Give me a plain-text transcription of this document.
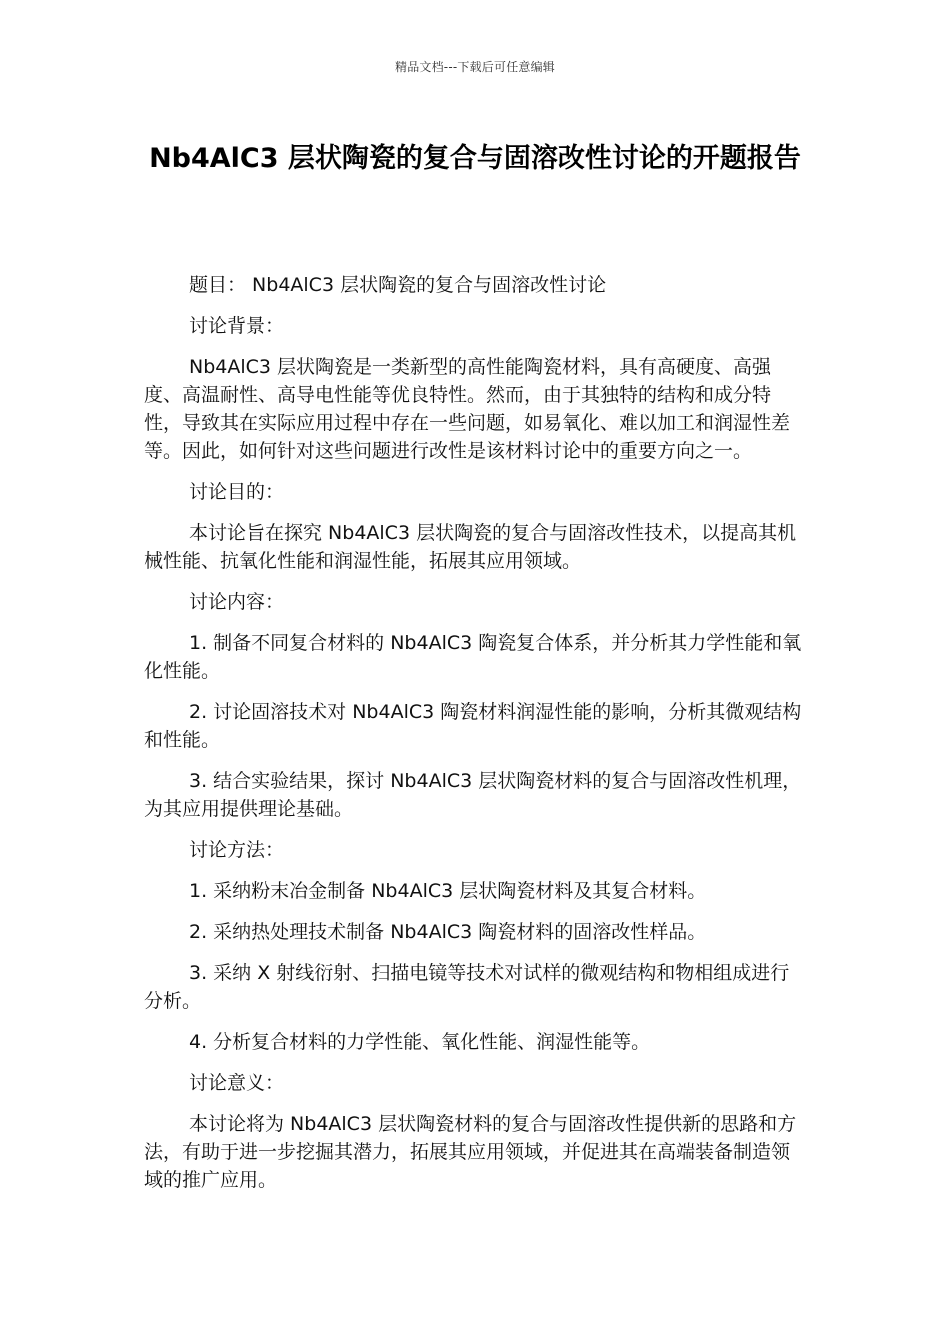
精品文档---下载后可任意编辑
Nb4AlC3 层状陶瓷的复合与固溶改性讨论的开题报告

题目： Nb4AlC3 层状陶瓷的复合与固溶改性讨论

讨论背景：

Nb4AlC3 层状陶瓷是一类新型的高性能陶瓷材料，具有高硬度、高强度、高温耐性、高导电性能等优良特性。然而，由于其独特的结构和成分特性，导致其在实际应用过程中存在一些问题，如易氧化、难以加工和润湿性差等。因此，如何针对这些问题进行改性是该材料讨论中的重要方向之一。

讨论目的：

本讨论旨在探究 Nb4AlC3 层状陶瓷的复合与固溶改性技术，以提高其机械性能、抗氧化性能和润湿性能，拓展其应用领域。

讨论内容：

1. 制备不同复合材料的 Nb4AlC3 陶瓷复合体系，并分析其力学性能和氧化性能。

2. 讨论固溶技术对 Nb4AlC3 陶瓷材料润湿性能的影响，分析其微观结构和性能。

3. 结合实验结果，探讨 Nb4AlC3 层状陶瓷材料的复合与固溶改性机理，为其应用提供理论基础。

讨论方法：

1. 采纳粉末冶金制备 Nb4AlC3 层状陶瓷材料及其复合材料。

2. 采纳热处理技术制备 Nb4AlC3 陶瓷材料的固溶改性样品。

3. 采纳 X 射线衍射、扫描电镜等技术对试样的微观结构和物相组成进行分析。

4. 分析复合材料的力学性能、氧化性能、润湿性能等。

讨论意义：

本讨论将为 Nb4AlC3 层状陶瓷材料的复合与固溶改性提供新的思路和方法，有助于进一步挖掘其潜力，拓展其应用领域，并促进其在高端装备制造领域的推广应用。
